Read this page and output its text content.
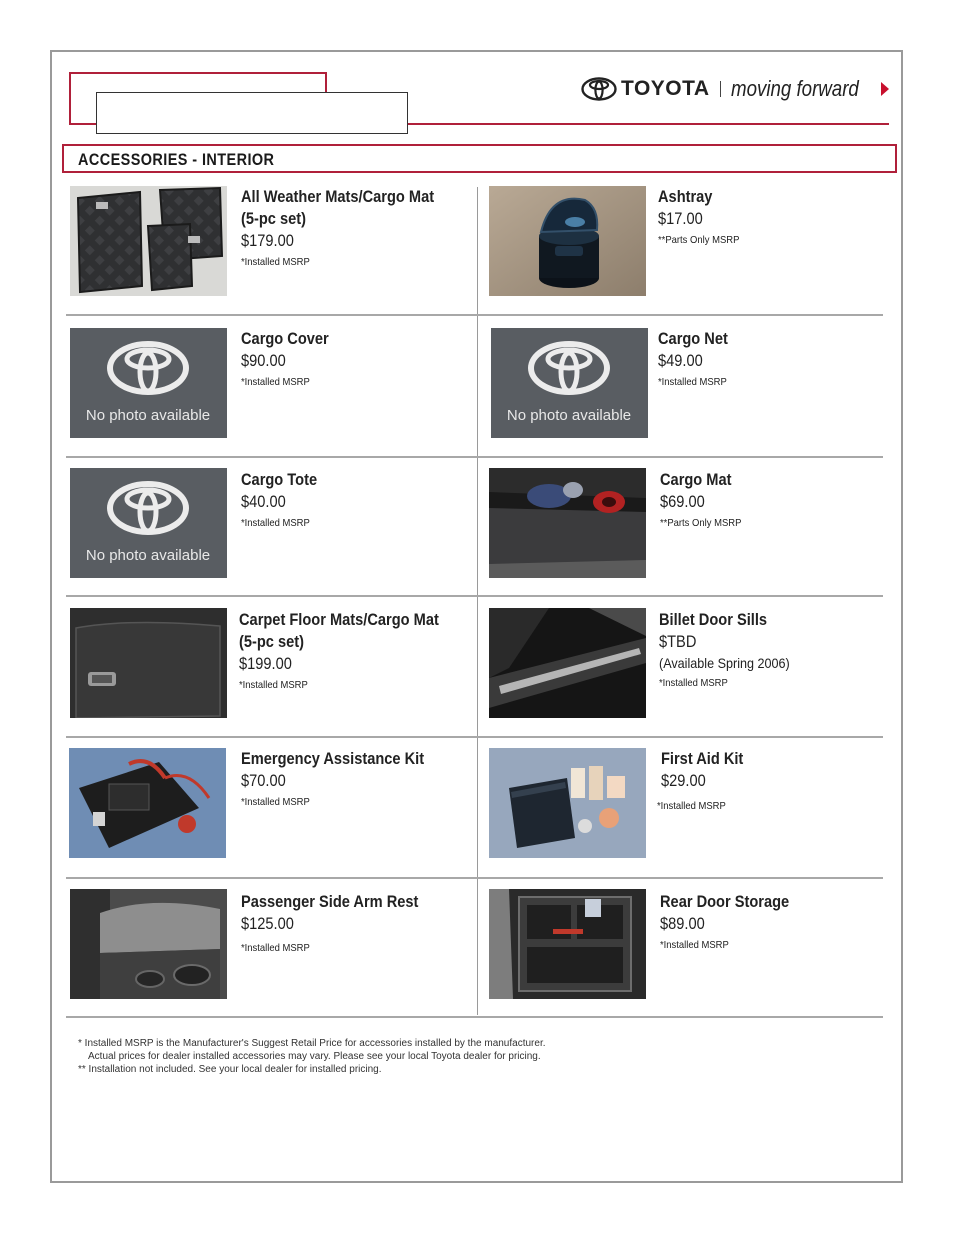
TOYOTA moving forward
ACCESSORIES - INTERIOR
All Weather Mats/Cargo Mat
(5-pc set)
$179.00
*Installed MSRP
Ashtray
$17.00
**Parts Only MSRP
No photo available
Cargo Cover
$90.00
*Installed MSRP
No photo available
Cargo Net
$49.00
*Installed MSRP
No photo available
Cargo Tote
$40.00
*Installed MSRP
Cargo Mat
$69.00
**Parts Only MSRP
Carpet Floor Mats/Cargo Mat
(5-pc set)
$199.00
*Installed MSRP
Billet Door Sills
$TBD
(Available Spring 2006)
*Installed MSRP
Emergency Assistance Kit
$70.00
*Installed MSRP
First Aid Kit
$29.00
*Installed MSRP
Passenger Side Arm Rest
$125.00
*Installed MSRP
Rear Door Storage
$89.00
*Installed MSRP
* Installed MSRP is the Manufacturer's Suggest Retail Price for accessories installed by the manufacturer.
Actual prices for dealer installed accessories may vary. Please see your local Toyota dealer for pricing.
** Installation not included. See your local dealer for installed pricing.
